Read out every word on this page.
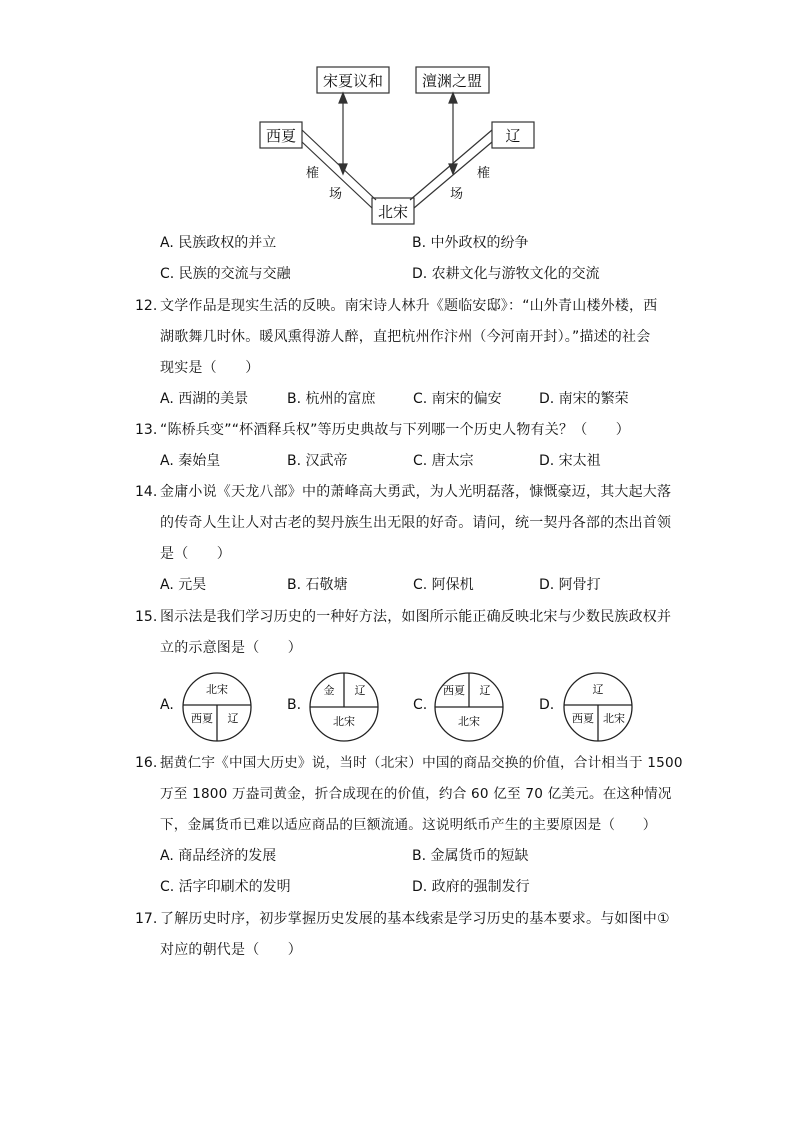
宋夏议和	澶渊之盟
西夏	辽
北宋
榷
场
榷
场
A. 民族政权的并立	B. 中外政权的纷争
C. 民族的交流与交融	D. 农耕文化与游牧文化的交流
12. 文学作品是现实生活的反映。南宋诗人林升《题临安邸》：“山外青山楼外楼，西
湖歌舞几时休。暖风熏得游人醉，直把杭州作汴州（今河南开封）。”描述的社会
现实是（　　）
A. 西湖的美景	B. 杭州的富庶	C. 南宋的偏安	D. 南宋的繁荣
13. “陈桥兵变”“杯酒释兵权”等历史典故与下列哪一个历史人物有关？（　　）
A. 秦始皇	B. 汉武帝	C. 唐太宗	D. 宋太祖
14. 金庸小说《天龙八部》中的萧峰高大勇武，为人光明磊落，慷慨豪迈，其大起大落
的传奇人生让人对古老的契丹族生出无限的好奇。请问，统一契丹各部的杰出首领
是（　　）
A. 元昊	B. 石敬塘	C. 阿保机	D. 阿骨打
15. 图示法是我们学习历史的一种好方法，如图所示能正确反映北宋与少数民族政权并
立的示意图是（　　）
A.
北宋
西夏 辽
B.
金 辽
北宋
C.
西夏 辽
北宋
D.
辽
西夏 北宋
16. 据黄仁宇《中国大历史》说，当时（北宋）中国的商品交换的价值，合计相当于 1500
万至 1800 万盎司黄金，折合成现在的价值，约合 60 亿至 70 亿美元。在这种情况
下，金属货币已难以适应商品的巨额流通。这说明纸币产生的主要原因是（　　）
A. 商品经济的发展	B. 金属货币的短缺
C. 活字印刷术的发明	D. 政府的强制发行
17. 了解历史时序，初步掌握历史发展的基本线索是学习历史的基本要求。与如图中①
对应的朝代是（　　）
